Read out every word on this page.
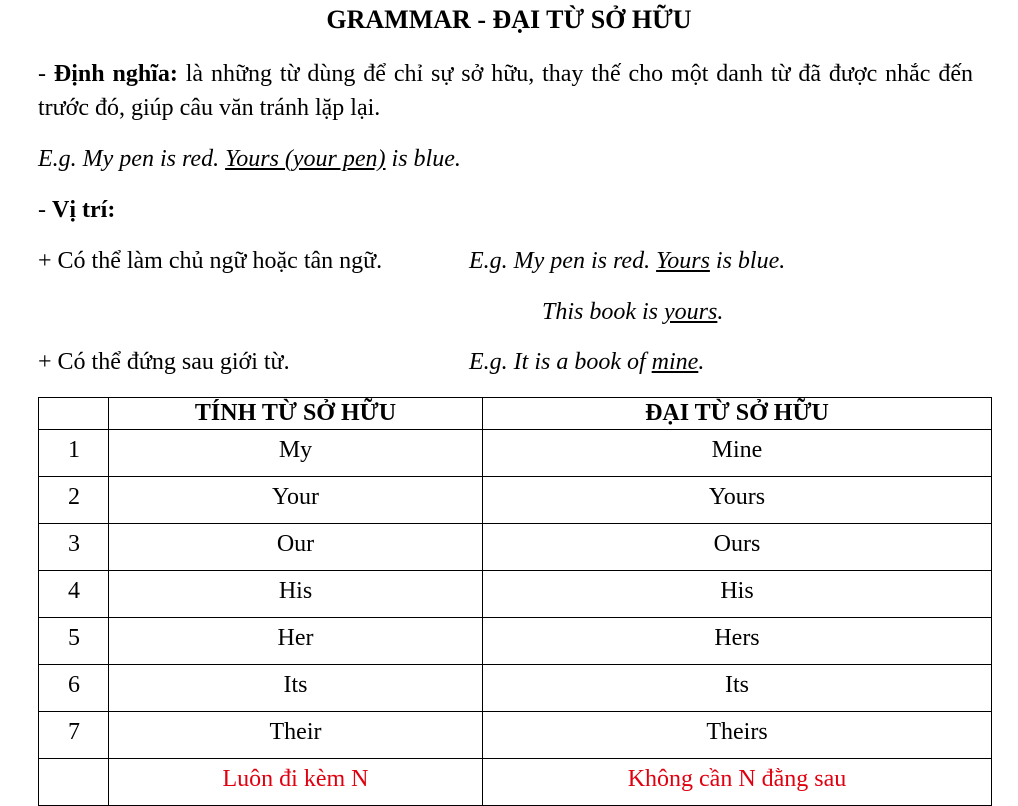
GRAMMAR - ĐẠI TỪ SỞ HỮU
- Định nghĩa: là những từ dùng để chỉ sự sở hữu, thay thế cho một danh từ đã được nhắc đến trước đó, giúp câu văn tránh lặp lại.
E.g. My pen is red. Yours (your pen) is blue.
- Vị trí:
+ Có thể làm chủ ngữ hoặc tân ngữ.	E.g. My pen is red. Yours is blue.
This book is yours.
+ Có thể đứng sau giới từ.	E.g. It is a book of mine.
	TÍNH TỪ SỞ HỮU	ĐẠI TỪ SỞ HỮU
1	My	Mine
2	Your	Yours
3	Our	Ours
4	His	His
5	Her	Hers
6	Its	Its
7	Their	Theirs
	Luôn đi kèm N	Không cần N đằng sau
